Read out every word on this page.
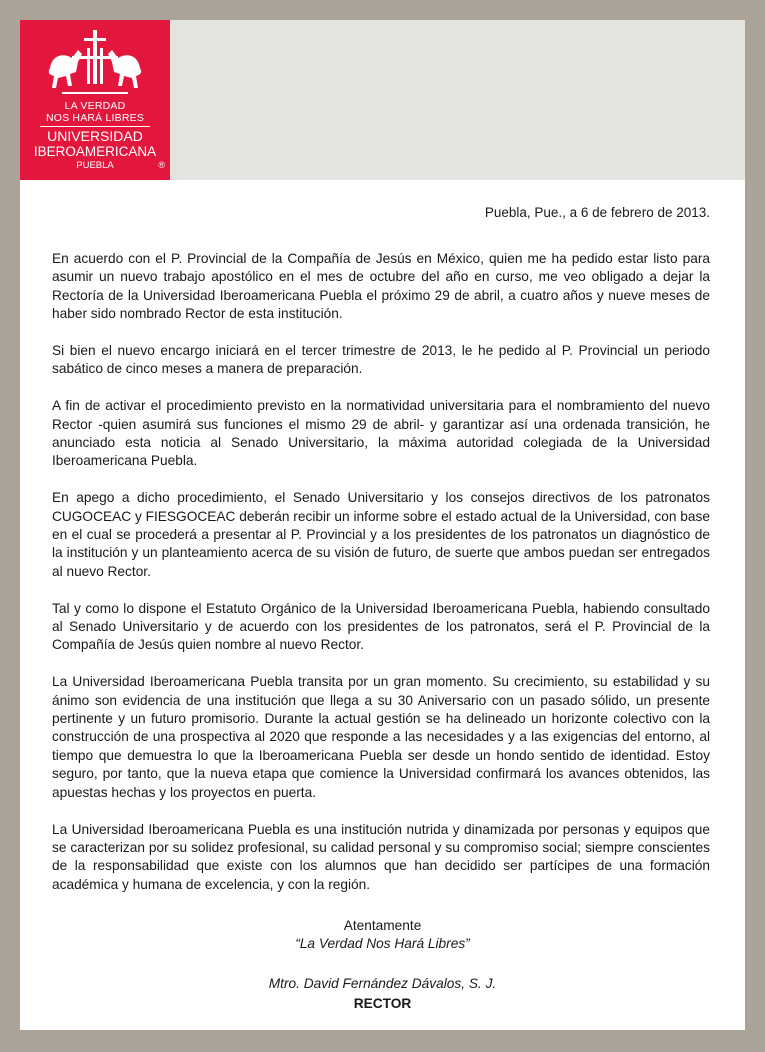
LA VERDAD
NOS HARÁ LIBRES
UNIVERSIDAD
IBEROAMERICANA
PUEBLA	®
Puebla, Pue., a 6 de febrero de 2013.

En acuerdo con el P. Provincial de la Compañía de Jesús en México, quien me ha pedido estar listo para asumir un nuevo trabajo apostólico en el mes de octubre del año en curso, me veo obligado a dejar la Rectoría de la Universidad Iberoamericana Puebla el próximo 29 de abril, a cuatro años y nueve meses de haber sido nombrado Rector de esta institución.

Si bien el nuevo encargo iniciará en el tercer trimestre de 2013, le he pedido al P. Provincial un periodo sabático de cinco meses a manera de preparación.

A fin de activar el procedimiento previsto en la normatividad universitaria para el nombramiento del nuevo Rector -quien asumirá sus funciones el mismo 29 de abril- y garantizar así una ordenada transición, he anunciado esta noticia al Senado Universitario, la máxima autoridad colegiada de la Universidad Iberoamericana Puebla.

En apego a dicho procedimiento, el Senado Universitario y los consejos directivos de los patronatos CUGOCEAC y FIESGOCEAC deberán recibir un informe sobre el estado actual de la Universidad, con base en el cual se procederá a presentar al P. Provincial y a los presidentes de los patronatos un diagnóstico de la institución y un planteamiento acerca de su visión de futuro, de suerte que ambos puedan ser entregados al nuevo Rector.

Tal y como lo dispone el Estatuto Orgánico de la Universidad Iberoamericana Puebla, habiendo consultado al Senado Universitario y de acuerdo con los presidentes de los patronatos, será el P. Provincial de la Compañía de Jesús quien nombre al nuevo Rector.

La Universidad Iberoamericana Puebla transita por un gran momento. Su crecimiento, su estabilidad y su ánimo son evidencia de una institución que llega a su 30 Aniversario con un pasado sólido, un presente pertinente y un futuro promisorio. Durante la actual gestión se ha delineado un horizonte colectivo con la construcción de una prospectiva al 2020 que responde a las necesidades y a las exigencias del entorno, al tiempo que demuestra lo que la Iberoamericana Puebla ser desde un hondo sentido de identidad. Estoy seguro, por tanto, que la nueva etapa que comience la Universidad confirmará los avances obtenidos, las apuestas hechas y los proyectos en puerta.

La Universidad Iberoamericana Puebla es una institución nutrida y dinamizada por personas y equipos que se caracterizan por su solidez profesional, su calidad personal y su compromiso social; siempre conscientes de la responsabilidad que existe con los alumnos que han decidido ser partícipes de una formación académica y humana de excelencia, y con la región.

Atentamente
“La Verdad Nos Hará Libres”
Mtro. David Fernández Dávalos, S. J.
RECTOR
